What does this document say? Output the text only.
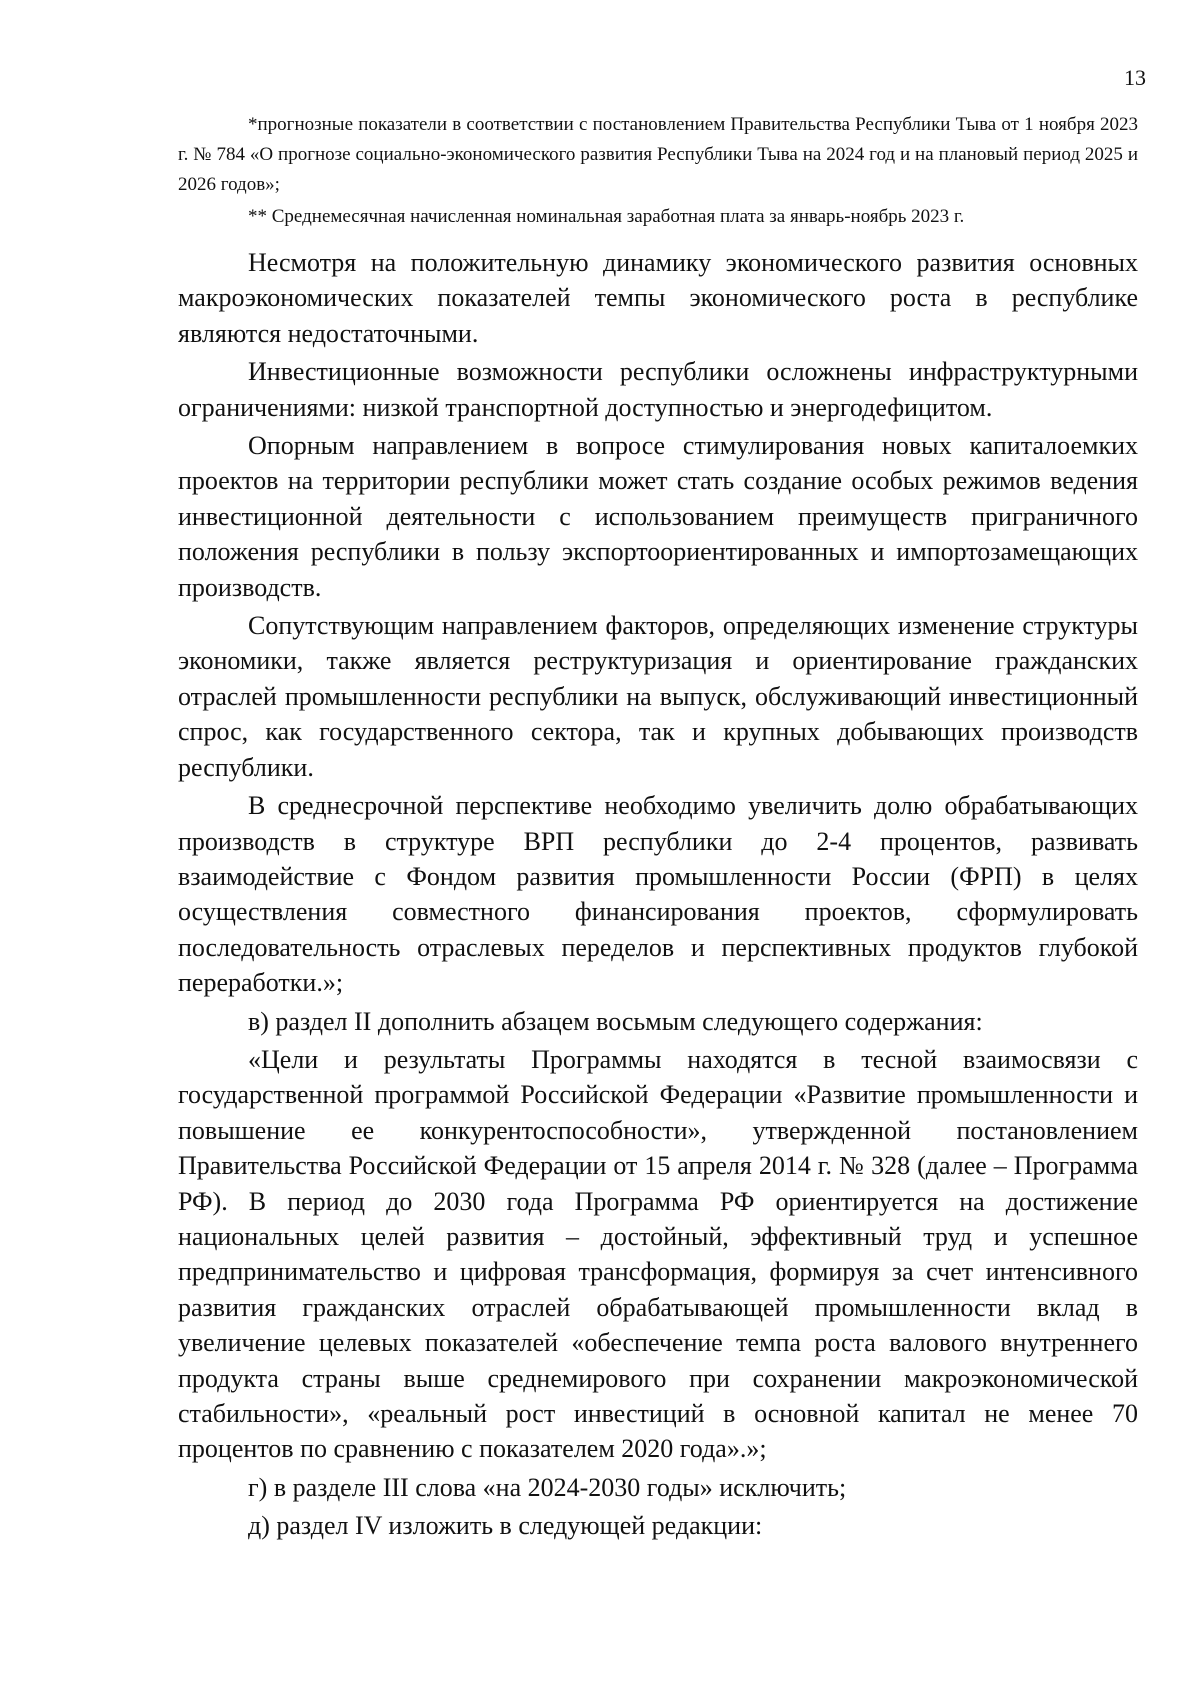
13

*прогнозные показатели в соответствии с постановлением Правительства Республики Тыва от 1 ноября 2023 г. № 784 «О прогнозе социально-экономического развития Республики Тыва на 2024 год и на плановый период 2025 и 2026 годов»;

** Среднемесячная начисленная номинальная заработная плата за январь-ноябрь 2023 г.

Несмотря на положительную динамику экономического развития основных макроэкономических показателей темпы экономического роста в республике являются недостаточными.

Инвестиционные возможности республики осложнены инфраструктурными ограничениями: низкой транспортной доступностью и энергодефицитом.

Опорным направлением в вопросе стимулирования новых капиталоемких проектов на территории республики может стать создание особых режимов ведения инвестиционной деятельности с использованием преимуществ приграничного положения республики в пользу экспортоориентированных и импортозамещающих производств.

Сопутствующим направлением факторов, определяющих изменение структуры экономики, также является реструктуризация и ориентирование гражданских отраслей промышленности республики на выпуск, обслуживающий инвестиционный спрос, как государственного сектора, так и крупных добывающих производств республики.

В среднесрочной перспективе необходимо увеличить долю обрабатывающих производств в структуре ВРП республики до 2-4 процентов, развивать взаимодействие с Фондом развития промышленности России (ФРП) в целях осуществления совместного финансирования проектов, сформулировать последовательность отраслевых переделов и перспективных продуктов глубокой переработки.»;

в) раздел II дополнить абзацем восьмым следующего содержания:

«Цели и результаты Программы находятся в тесной взаимосвязи с государственной программой Российской Федерации «Развитие промышленности и повышение ее конкурентоспособности», утвержденной постановлением Правительства Российской Федерации от 15 апреля 2014 г. № 328 (далее – Программа РФ). В период до 2030 года Программа РФ ориентируется на достижение национальных целей развития – достойный, эффективный труд и успешное предпринимательство и цифровая трансформация, формируя за счет интенсивного развития гражданских отраслей обрабатывающей промышленности вклад в увеличение целевых показателей «обеспечение темпа роста валового внутреннего продукта страны выше среднемирового при сохранении макроэкономической стабильности», «реальный рост инвестиций в основной капитал не менее 70 процентов по сравнению с показателем 2020 года».»;

г) в разделе III слова «на 2024-2030 годы» исключить;

д) раздел IV изложить в следующей редакции:
